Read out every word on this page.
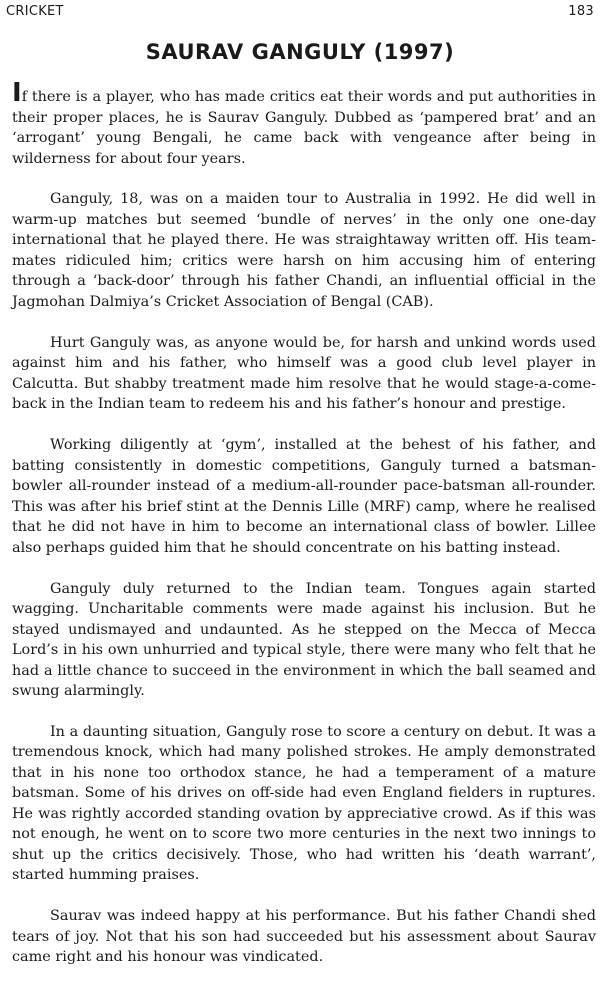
CRICKET	183
SAURAV GANGULY (1997)

If there is a player, who has made critics eat their words and put authorities in their proper places, he is Saurav Ganguly. Dubbed as ‘pampered brat’ and an ‘arrogant’ young Bengali, he came back with vengeance after being in wilderness for about four years.

Ganguly, 18, was on a maiden tour to Australia in 1992. He did well in warm-up matches but seemed ‘bundle of nerves’ in the only one one-day international that he played there. He was straightaway written off. His team-mates ridiculed him; critics were harsh on him accusing him of entering through a ‘back-door’ through his father Chandi, an influential official in the Jagmohan Dalmiya’s Cricket Association of Bengal (CAB).

Hurt Ganguly was, as anyone would be, for harsh and unkind words used against him and his father, who himself was a good club level player in Calcutta. But shabby treatment made him resolve that he would stage-a-come-back in the Indian team to redeem his and his father’s honour and prestige.

Working diligently at ‘gym’, installed at the behest of his father, and batting consistently in domestic competitions, Ganguly turned a batsman-bowler all-rounder instead of a medium-all-rounder pace-batsman all-rounder. This was after his brief stint at the Dennis Lille (MRF) camp, where he realised that he did not have in him to become an international class of bowler. Lillee also perhaps guided him that he should concentrate on his batting instead.

Ganguly duly returned to the Indian team. Tongues again started wagging. Uncharitable comments were made against his inclusion. But he stayed undismayed and undaunted. As he stepped on the Mecca of Mecca Lord’s in his own unhurried and typical style, there were many who felt that he had a little chance to succeed in the environment in which the ball seamed and swung alarmingly.

In a daunting situation, Ganguly rose to score a century on debut. It was a tremendous knock, which had many polished strokes. He amply demonstrated that in his none too orthodox stance, he had a temperament of a mature batsman. Some of his drives on off-side had even England fielders in ruptures. He was rightly accorded standing ovation by appreciative crowd. As if this was not enough, he went on to score two more centuries in the next two innings to shut up the critics decisively. Those, who had written his ‘death warrant’, started humming praises.

Saurav was indeed happy at his performance. But his father Chandi shed tears of joy. Not that his son had succeeded but his assessment about Saurav came right and his honour was vindicated.
